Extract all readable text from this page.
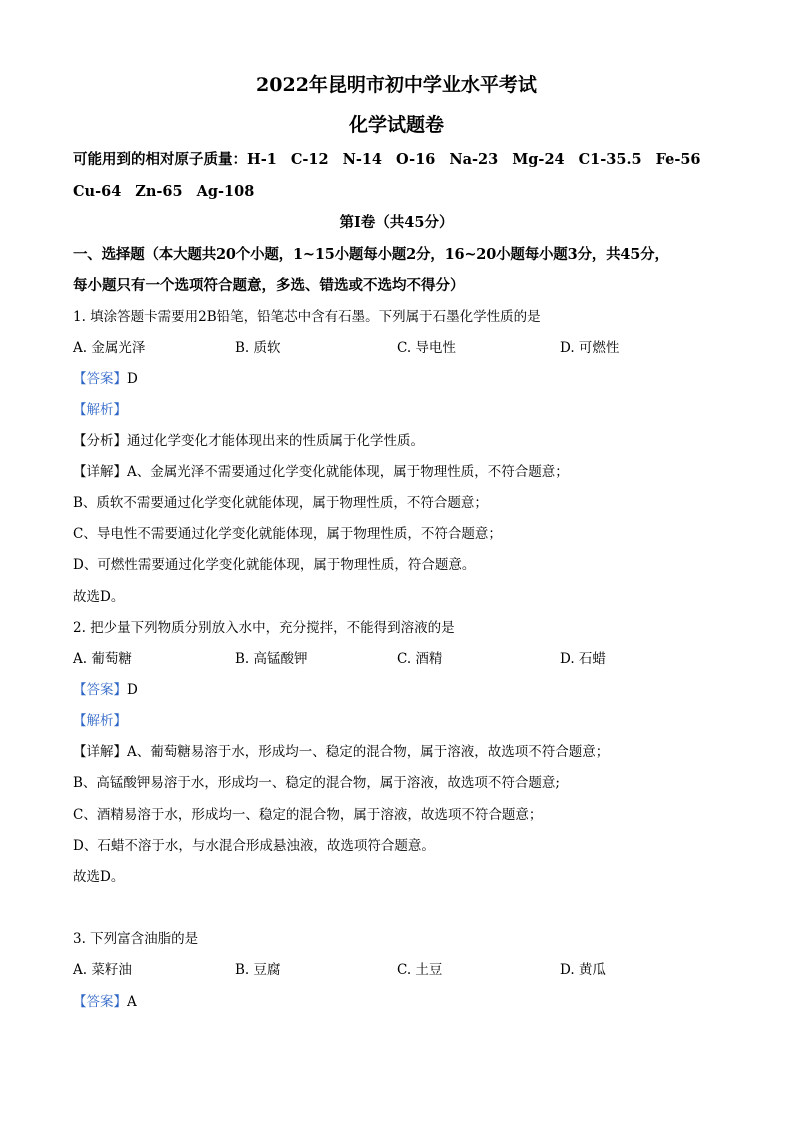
2022年昆明市初中学业水平考试
化学试题卷
可能用到的相对原子质量：H-1 C-12 N-14 O-16 Na-23 Mg-24 C1-35.5 Fe-56
Cu-64 Zn-65 Ag-108
第Ⅰ卷（共45分）
一、选择题（本大题共20个小题，1~15小题每小题2分，16~20小题每小题3分，共45分，
每小题只有一个选项符合题意，多选、错选或不选均不得分）
1. 填涂答题卡需要用2B铅笔，铅笔芯中含有石墨。下列属于石墨化学性质的是
A. 金属光泽	B. 质软	C. 导电性	D. 可燃性
【答案】D
【解析】
【分析】通过化学变化才能体现出来的性质属于化学性质。
【详解】A、金属光泽不需要通过化学变化就能体现，属于物理性质，不符合题意；
B、质软不需要通过化学变化就能体现，属于物理性质，不符合题意；
C、导电性不需要通过化学变化就能体现，属于物理性质，不符合题意；
D、可燃性需要通过化学变化就能体现，属于物理性质，符合题意。
故选D。
2. 把少量下列物质分别放入水中，充分搅拌，不能得到溶液的是
A. 葡萄糖	B. 高锰酸钾	C. 酒精	D. 石蜡
【答案】D
【解析】
【详解】A、葡萄糖易溶于水，形成均一、稳定的混合物，属于溶液，故选项不符合题意；
B、高锰酸钾易溶于水，形成均一、稳定的混合物，属于溶液，故选项不符合题意;
C、酒精易溶于水，形成均一、稳定的混合物，属于溶液，故选项不符合题意；
D、石蜡不溶于水，与水混合形成悬浊液，故选项符合题意。
故选D。
3. 下列富含油脂的是
A. 菜籽油	B. 豆腐	C. 土豆	D. 黄瓜
【答案】A
